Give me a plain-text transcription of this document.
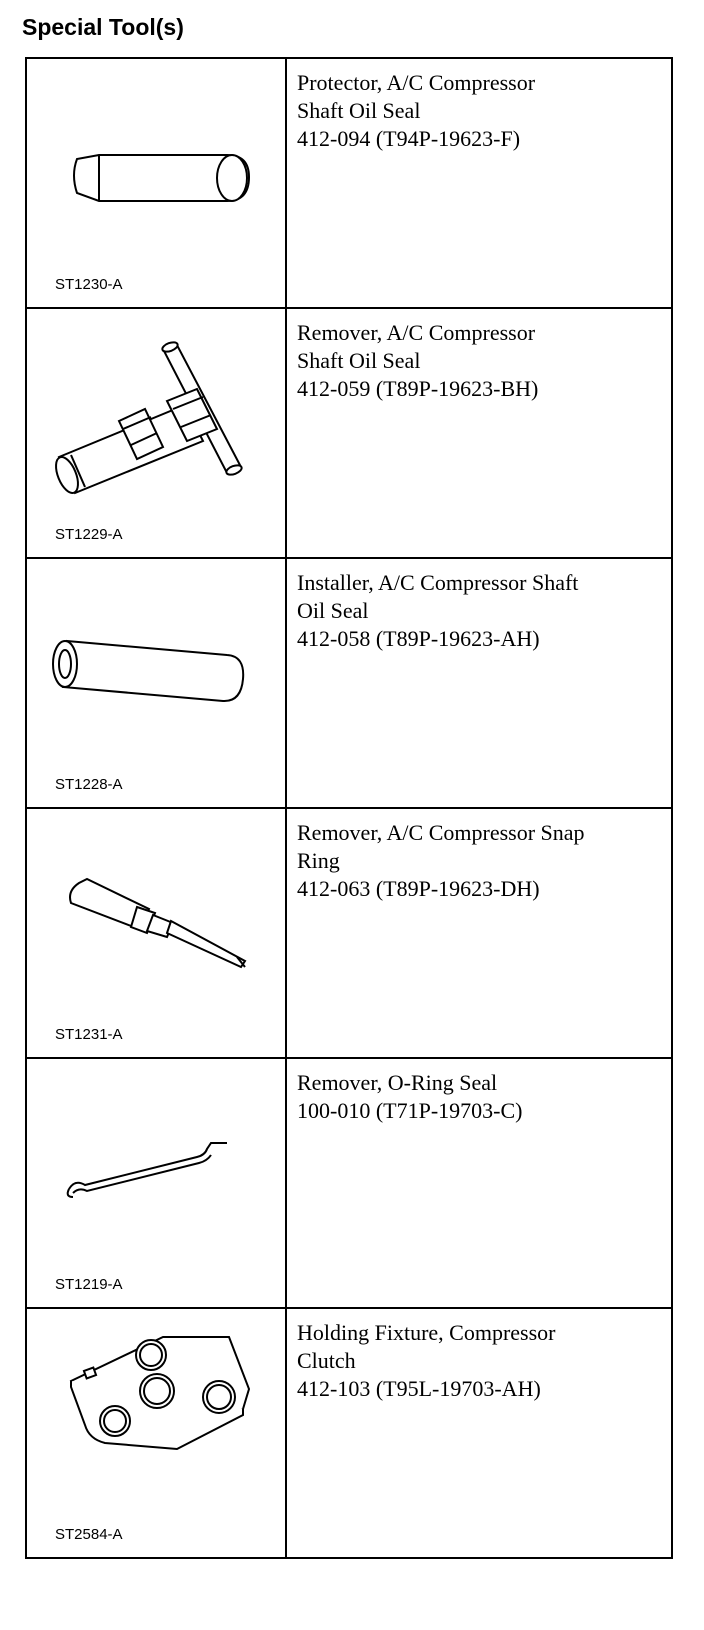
Special Tool(s)
ST1230-A	Protector, A/C Compressor
Shaft Oil Seal
412-094 (T94P-19623-F)

ST1229-A	Remover, A/C Compressor
Shaft Oil Seal
412-059 (T89P-19623-BH)

ST1228-A	Installer, A/C Compressor Shaft
Oil Seal
412-058 (T89P-19623-AH)

ST1231-A	Remover, A/C Compressor Snap
Ring
412-063 (T89P-19623-DH)

ST1219-A	Remover, O-Ring Seal
100-010 (T71P-19703-C)

ST2584-A	Holding Fixture, Compressor
Clutch
412-103 (T95L-19703-AH)
